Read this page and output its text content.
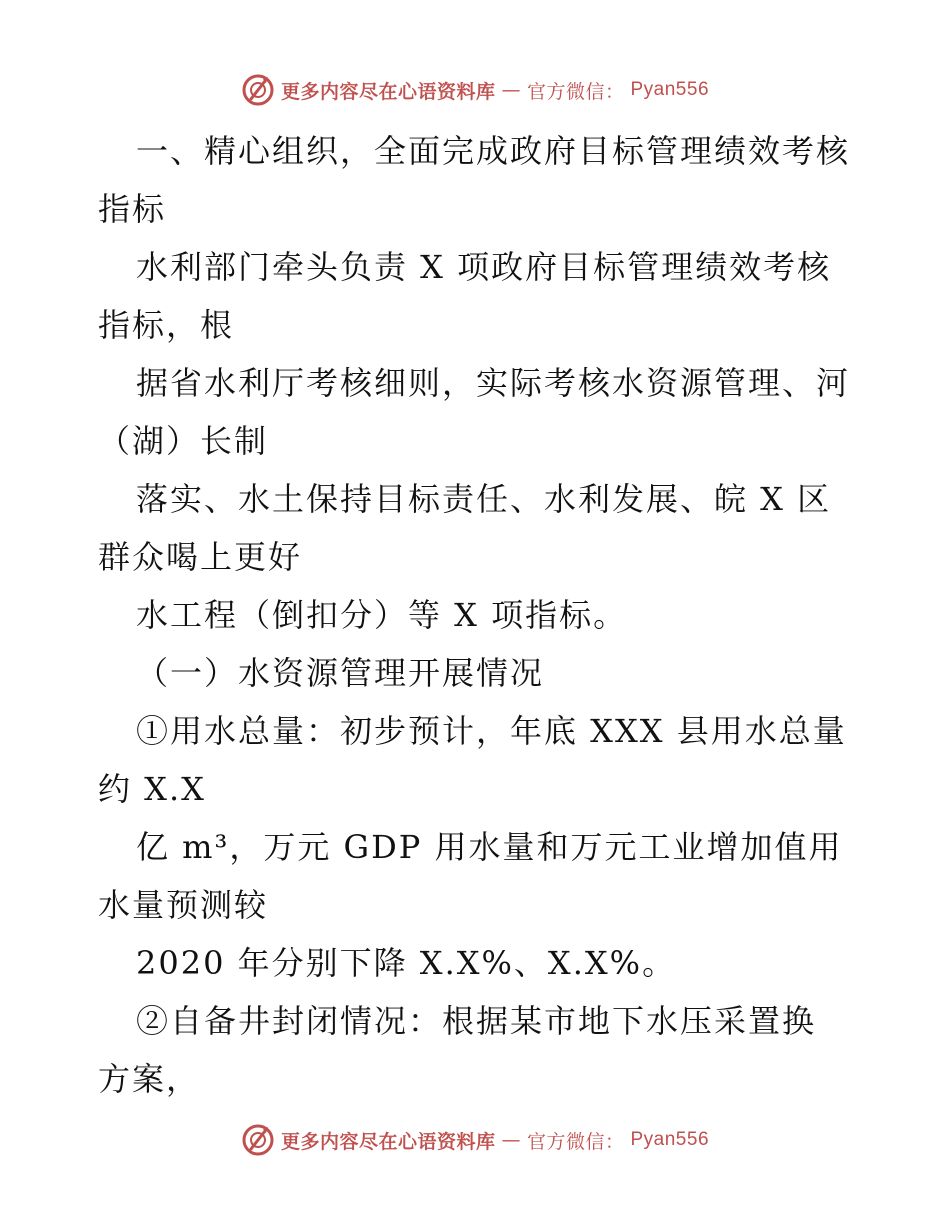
更多内容尽在心语资料库 — 官方微信： Pyan556
一、精心组织，全面完成政府目标管理绩效考核
指标
水利部门牵头负责 X 项政府目标管理绩效考核
指标，根
据省水利厅考核细则，实际考核水资源管理、河
（湖）长制
落实、水土保持目标责任、水利发展、皖 X 区
群众喝上更好
水工程（倒扣分）等 X 项指标。
（一）水资源管理开展情况
①用水总量：初步预计，年底 XXX 县用水总量
约 X.X
亿 m³，万元 GDP 用水量和万元工业增加值用
水量预测较
2020 年分别下降 X.X%、X.X%。
②自备井封闭情况：根据某市地下水压采置换
方案，
更多内容尽在心语资料库 — 官方微信： Pyan556
